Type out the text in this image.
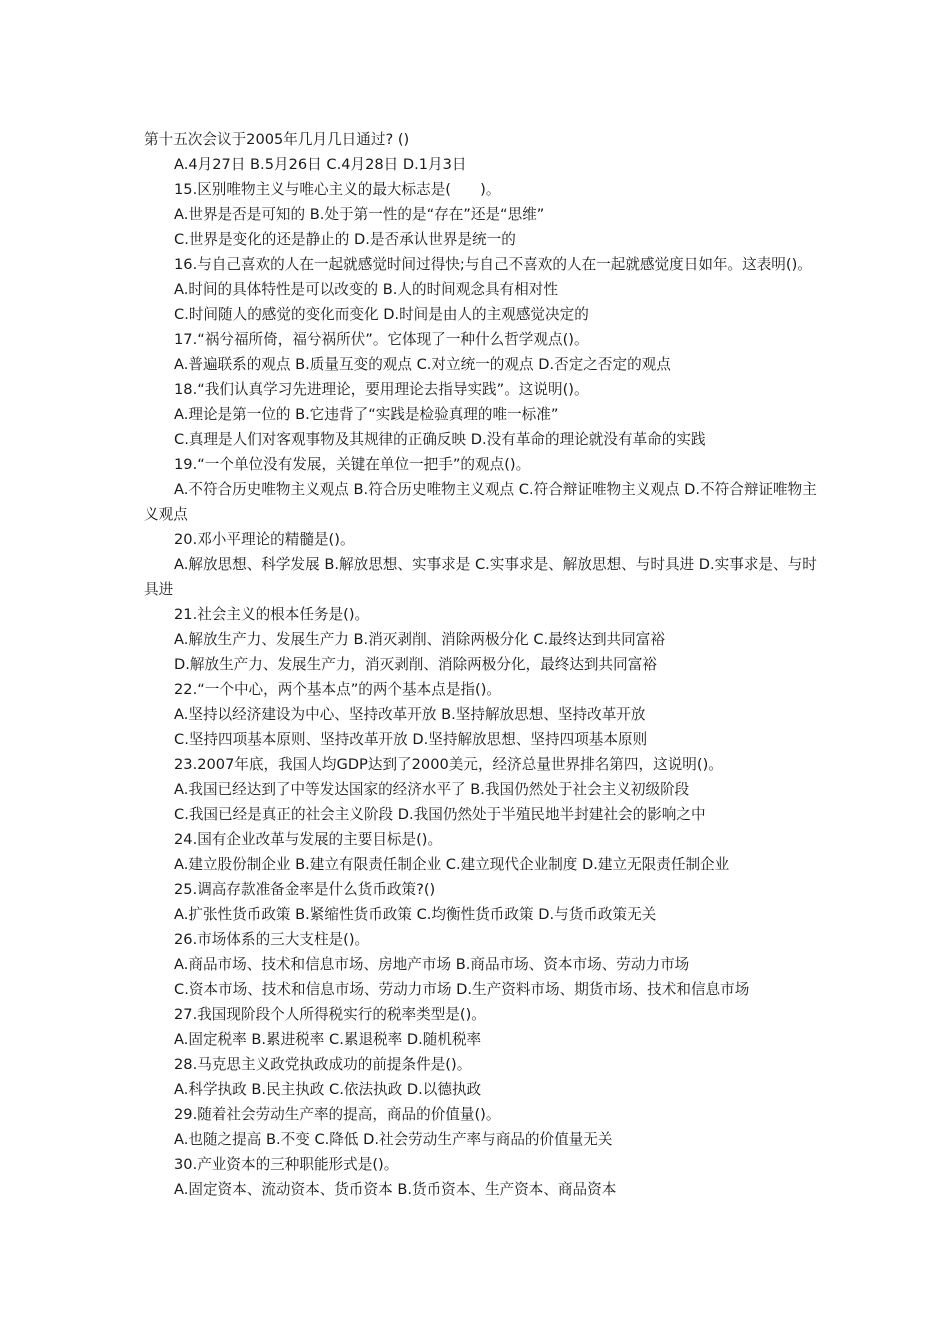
第十五次会议于2005年几月几日通过? ()
A.4月27日 B.5月26日 C.4月28日 D.1月3日
15.区别唯物主义与唯心主义的最大标志是(　　)。
A.世界是否是可知的 B.处于第一性的是“存在”还是“思维”
C.世界是变化的还是静止的 D.是否承认世界是统一的
16.与自己喜欢的人在一起就感觉时间过得快;与自己不喜欢的人在一起就感觉度日如年。这表明()。
A.时间的具体特性是可以改变的 B.人的时间观念具有相对性
C.时间随人的感觉的变化而变化 D.时间是由人的主观感觉决定的
17.“祸兮福所倚，福兮祸所伏”。它体现了一种什么哲学观点()。
A.普遍联系的观点 B.质量互变的观点 C.对立统一的观点 D.否定之否定的观点
18.“我们认真学习先进理论，要用理论去指导实践”。这说明()。
A.理论是第一位的 B.它违背了“实践是检验真理的唯一标准”
C.真理是人们对客观事物及其规律的正确反映 D.没有革命的理论就没有革命的实践
19.“一个单位没有发展，关键在单位一把手”的观点()。
A.不符合历史唯物主义观点 B.符合历史唯物主义观点 C.符合辩证唯物主义观点 D.不符合辩证唯物主义观点
20.邓小平理论的精髓是()。
A.解放思想、科学发展 B.解放思想、实事求是 C.实事求是、解放思想、与时具进 D.实事求是、与时具进
21.社会主义的根本任务是()。
A.解放生产力、发展生产力 B.消灭剥削、消除两极分化 C.最终达到共同富裕
D.解放生产力、发展生产力，消灭剥削、消除两极分化，最终达到共同富裕
22.“一个中心，两个基本点”的两个基本点是指()。
A.坚持以经济建设为中心、坚持改革开放 B.坚持解放思想、坚持改革开放
C.坚持四项基本原则、坚持改革开放 D.坚持解放思想、坚持四项基本原则
23.2007年底，我国人均GDP达到了2000美元，经济总量世界排名第四，这说明()。
A.我国已经达到了中等发达国家的经济水平了 B.我国仍然处于社会主义初级阶段
C.我国已经是真正的社会主义阶段 D.我国仍然处于半殖民地半封建社会的影响之中
24.国有企业改革与发展的主要目标是()。
A.建立股份制企业 B.建立有限责任制企业 C.建立现代企业制度 D.建立无限责任制企业
25.调高存款准备金率是什么货币政策?()
A.扩张性货币政策 B.紧缩性货币政策 C.均衡性货币政策 D.与货币政策无关
26.市场体系的三大支柱是()。
A.商品市场、技术和信息市场、房地产市场 B.商品市场、资本市场、劳动力市场
C.资本市场、技术和信息市场、劳动力市场 D.生产资料市场、期货市场、技术和信息市场
27.我国现阶段个人所得税实行的税率类型是()。
A.固定税率 B.累进税率 C.累退税率 D.随机税率
28.马克思主义政党执政成功的前提条件是()。
A.科学执政 B.民主执政 C.依法执政 D.以德执政
29.随着社会劳动生产率的提高，商品的价值量()。
A.也随之提高 B.不变 C.降低 D.社会劳动生产率与商品的价值量无关
30.产业资本的三种职能形式是()。
A.固定资本、流动资本、货币资本 B.货币资本、生产资本、商品资本
